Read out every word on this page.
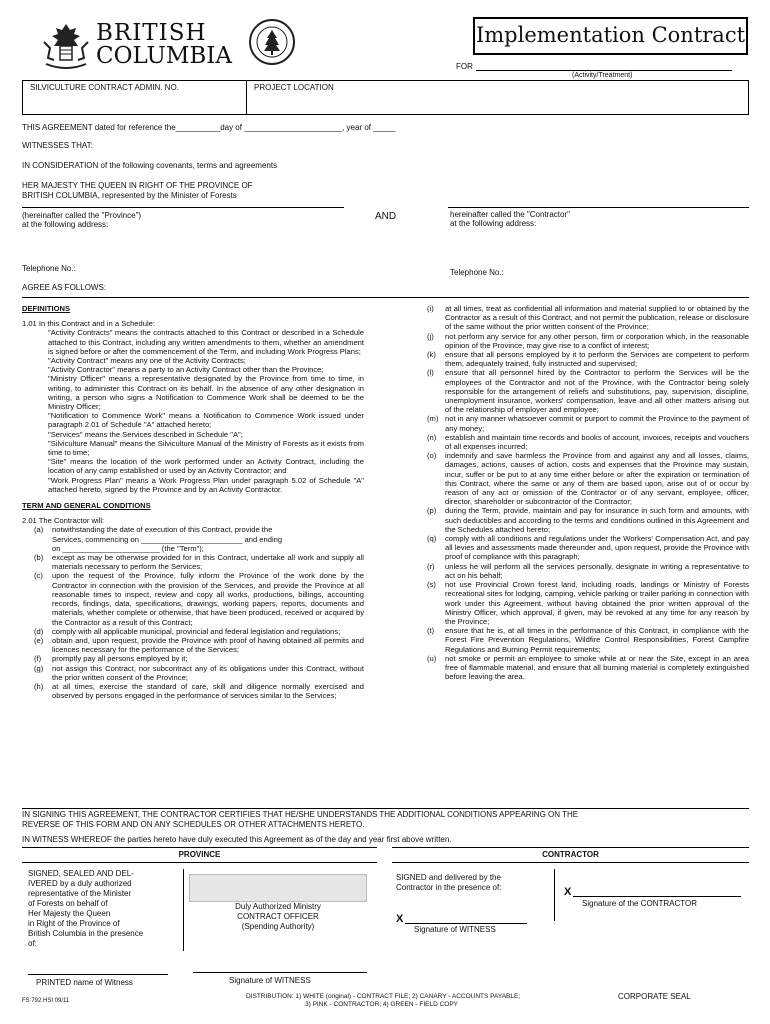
BRITISH
COLUMBIA
Implementation Contract
FOR
(Activity/Treatment)
SILVICULTURE CONTRACT ADMIN. NO.	PROJECT LOCATION
THIS AGREEMENT dated for reference the__________day of ______________________, year of _____
WITNESSES THAT:
IN CONSIDERATION of the following covenants, terms and agreements
HER MAJESTY THE QUEEN IN RIGHT OF THE PROVINCE OF
BRITISH COLUMBIA, represented by the Minister of Forests
(hereinafter called the "Province")
at the following address:
AND	hereinafter called the "Contractor"
at the following address:
Telephone No.:	Telephone No.:
AGREE AS FOLLOWS:
DEFINITIONS
1.01 In this Contract and in a Schedule:
"Activity Contracts" means the contracts attached to this Contract or described in a Schedule attached to this Contract, including any written amendments to them, whether an amendment is signed before or after the commencement of the Term, and including Work Progress Plans;
"Activity Contract" means any one of the Activity Contracts;
"Activity Contractor" means a party to an Activity Contract other than the Province;
"Ministry Officer" means a representative designated by the Province from time to time, in writing, to administer this Contract on its behalf. In the absence of any other designation in writing, a person who signs a Notification to Commence Work shall be deemed to be the Ministry Officer;
"Notification to Commence Work" means a Notification to Commence Work issued under paragraph 2.01 of Schedule "A" attached hereto;
"Services" means the Services described in Schedule "A";
"Silviculture Manual" means the Silviculture Manual of the Ministry of Forests as it exists from time to time;
"Site" means the location of the work performed under an Activity Contract, including the location of any camp established or used by an Activity Contractor; and
"Work Progress Plan" means a Work Progress Plan under paragraph 5.02 of Schedule "A" attached hereto, signed by the Province and by an Activity Contractor.
TERM AND GENERAL CONDITIONS
2.01 The Contractor will:
(a)	notwithstanding the date of execution of this Contract, provide the
Services, commencing on ________________________ and ending
on _______________________ (the "Term");
(b)	except as may be otherwise provided for in this Contract, undertake all work and supply all materials necessary to perform the Services;
(c)	upon the request of the Province, fully inform the Province of the work done by the Contractor in connection with the provision of the Services, and provide the Province at all reasonable times to inspect, review and copy all works, productions, billings, accounting records, findings, data, specifications, drawings, working papers, reports, documents and materials, whether complete or otherwise, that have been produced, received or acquired by the Contractor as a result of this Contract;
(d)	comply with all applicable municipal, provincial and federal legislation and regulations;
(e)	obtain and, upon request, provide the Province with proof of having obtained all permits and licences necessary for the performance of the Services;
(f)	promptly pay all persons employed by it;
(g)	not assign this Contract, nor subcontract any of its obligations under this Contract, without the prior written consent of the Province;
(h)	at all times, exercise the standard of care, skill and diligence normally exercised and observed by persons engaged in the performance of services similar to the Services;
(i)	at all times, treat as confidential all information and material supplied to or obtained by the Contractor as a result of this Contract, and not permit the publication, release or disclosure of the same without the prior written consent of the Province;
(j)	not perform any service for any other person, firm or corporation which, in the reasonable opinion of the Province, may give rise to a conflict of interest;
(k)	ensure that all persons employed by it to perform the Services are competent to perform them, adequately trained, fully instructed and supervised;
(l)	ensure that all personnel hired by the Contractor to perform the Services will be the employees of the Contractor and not of the Province, with the Contractor being solely responsible for the arrangement of reliefs and substitutions, pay, supervision, discipline, unemployment insurance, workers' compensation, leave and all other matters arising out of the relationship of employer and employee;
(m) not in any manner whatsoever commit or purport to commit the Province to the payment of any money;
(n)	establish and maintain time records and books of account, invoices, receipts and vouchers of all expenses incurred;
(o)	indemnify and save harmless the Province from and against any and all losses, claims, damages, actions, causes of action, costs and expenses that the Province may sustain, incur, suffer or be put to at any time either before or after the expiration or termination of this Contract, where the same or any of them are based upon, arise out of or occur by reason of any act or omission of the Contractor or of any servant, employee, officer, director, shareholder or subcontractor of the Contractor;
(p)	during the Term, provide, maintain and pay for insurance in such form and amounts, with such deductibles and according to the terms and conditions outlined in this Agreement and the Schedules attached hereto;
(q)	comply with all conditions and regulations under the Workers' Compensation Act, and pay all levies and assessments made thereunder and, upon request, provide the Province with proof of compliance with this paragraph;
(r)	unless he will perform all the services personally, designate in writing a representative to act on his behalf;
(s)	not use Provincial Crown forest land, including roads, landings or Ministry of Forests recreational sites for lodging, camping, vehicle parking or trailer parking in connection with work under this Agreement, without having obtained the prior written approval of the Ministry Officer, which approval, if given, may be revoked at any time for any reason by the Province;
(t)	ensure that he is, at all times in the performance of this Contract, in compliance with the Forest Fire Prevention Regulations, Wildfire Control Responsibilities, Forest Campfire Regulations and Burning Permit requirements;
(u)	not smoke or permit an employee to smoke while at or near the Site, except in an area free of flammable material, and ensure that all burning material is completely extinguished before leaving the area.
IN SIGNING THIS AGREEMENT, THE CONTRACTOR CERTIFIES THAT HE/SHE UNDERSTANDS THE ADDITIONAL CONDITIONS APPEARING ON THE
REVERSE OF THIS FORM AND ON ANY SCHEDULES OR OTHER ATTACHMENTS HERETO.
IN WITNESS WHEREOF the parties hereto have duly executed this Agreement as of the day and year first above written.
PROVINCE	CONTRACTOR
SIGNED, SEALED AND DEL-
IVERED by a duly authorized
representative of the Minister
of Forests on behalf of
Her Majesty the Queen
in Right of the Province of
British Columbia in the presence
of:
Duly Authorized Ministry
CONTRACT OFFICER
(Spending Authority)
SIGNED and delivered by the
Contractor in the presence of:	X
Signature of the CONTRACTOR
X
Signature of WITNESS
PRINTED name of Witness	Signature of WITNESS
FS 792 HSI 09/11
DISTRIBUTION: 1) WHITE (original) - CONTRACT FILE; 2) CANARY - ACCOUNTS PAYABLE;
3) PINK - CONTRACTOR; 4) GREEN - FIELD COPY
CORPORATE SEAL
